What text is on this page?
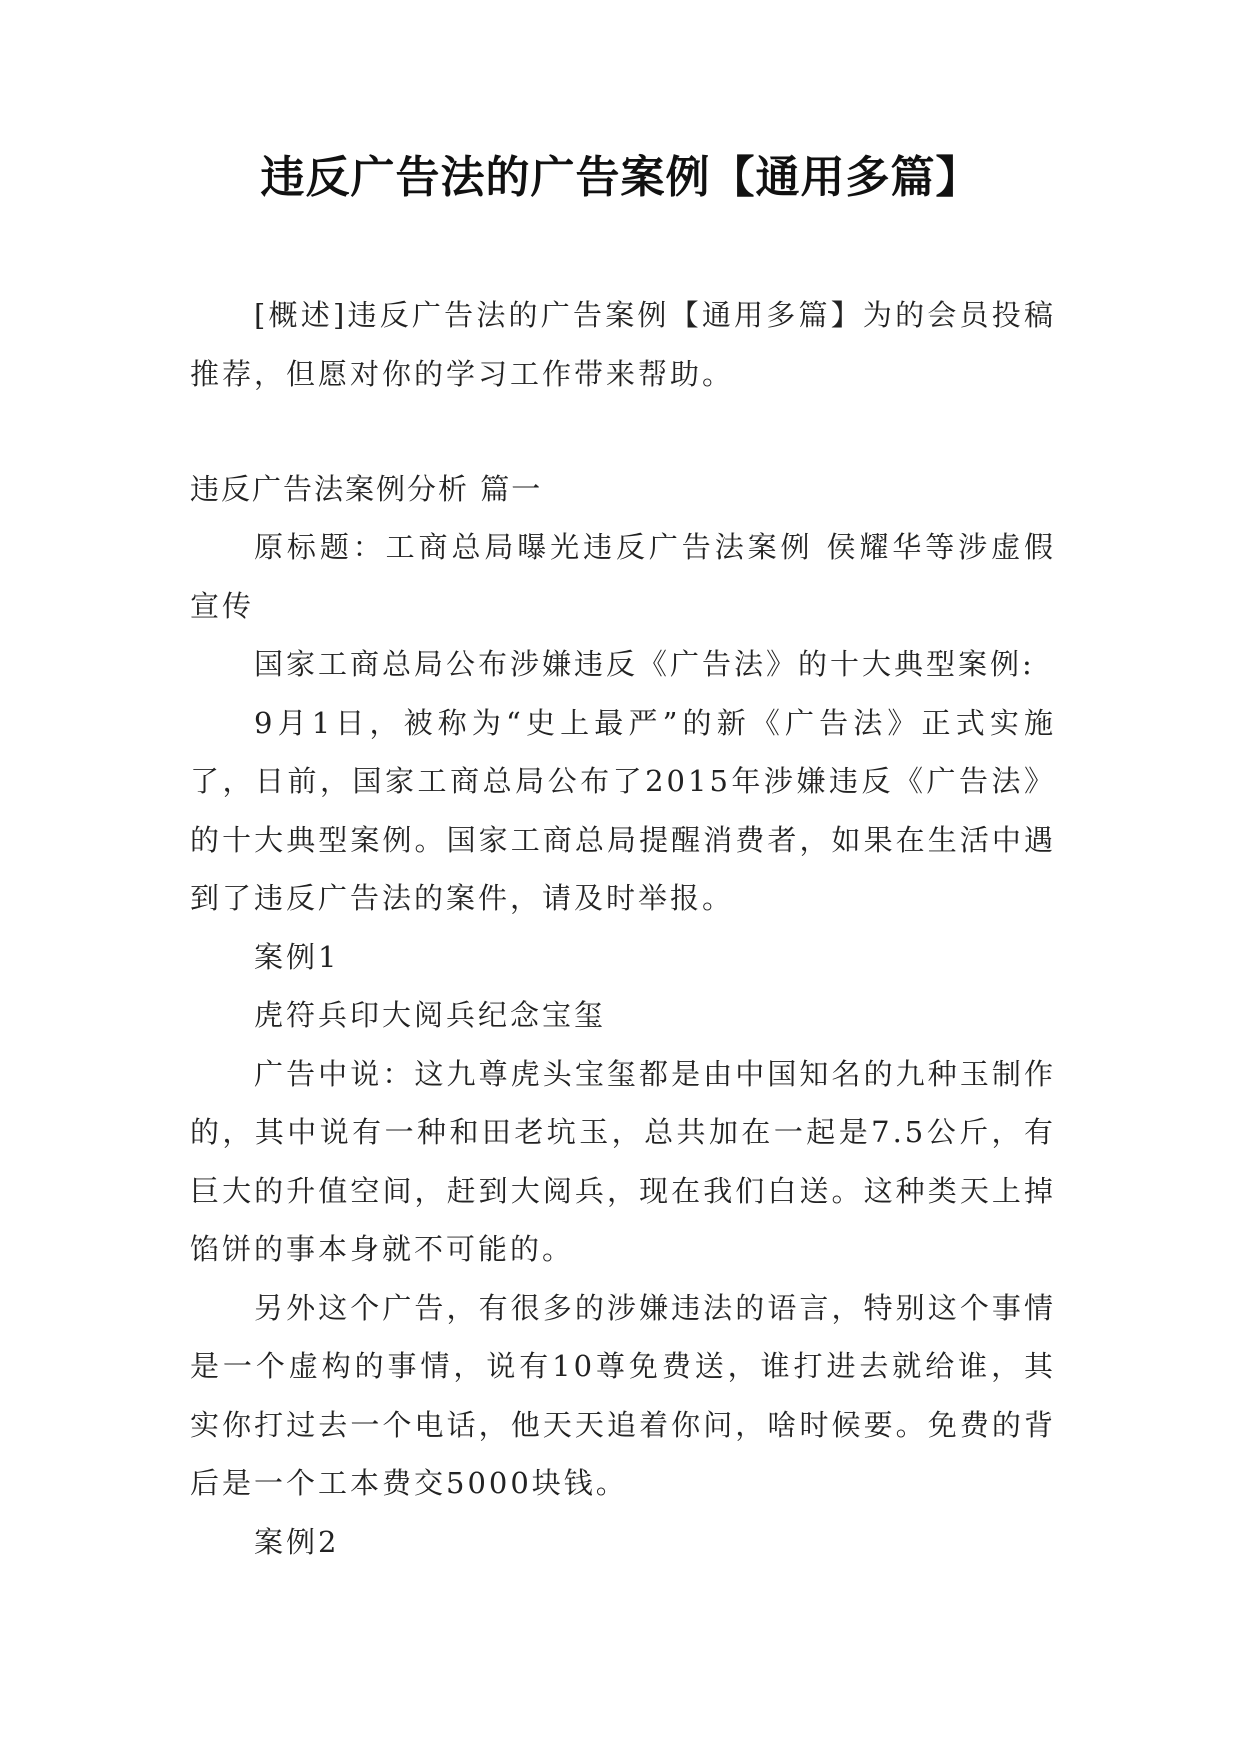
违反广告法的广告案例【通用多篇】

[概述]违反广告法的广告案例【通用多篇】为的会员投稿推荐，但愿对你的学习工作带来帮助。

违反广告法案例分析 篇一

原标题：工商总局曝光违反广告法案例 侯耀华等涉虚假宣传

国家工商总局公布涉嫌违反《广告法》的十大典型案例:

9月1日，被称为“史上最严”的新《广告法》正式实施了，日前，国家工商总局公布了2015年涉嫌违反《广告法》的十大典型案例。国家工商总局提醒消费者，如果在生活中遇到了违反广告法的案件，请及时举报。

案例1

虎符兵印大阅兵纪念宝玺

广告中说：这九尊虎头宝玺都是由中国知名的九种玉制作的，其中说有一种和田老坑玉，总共加在一起是7.5公斤，有巨大的升值空间，赶到大阅兵，现在我们白送。这种类天上掉馅饼的事本身就不可能的。

另外这个广告，有很多的涉嫌违法的语言，特别这个事情是一个虚构的事情，说有10尊免费送，谁打进去就给谁，其实你打过去一个电话，他天天追着你问，啥时候要。免费的背后是一个工本费交5000块钱。

案例2
